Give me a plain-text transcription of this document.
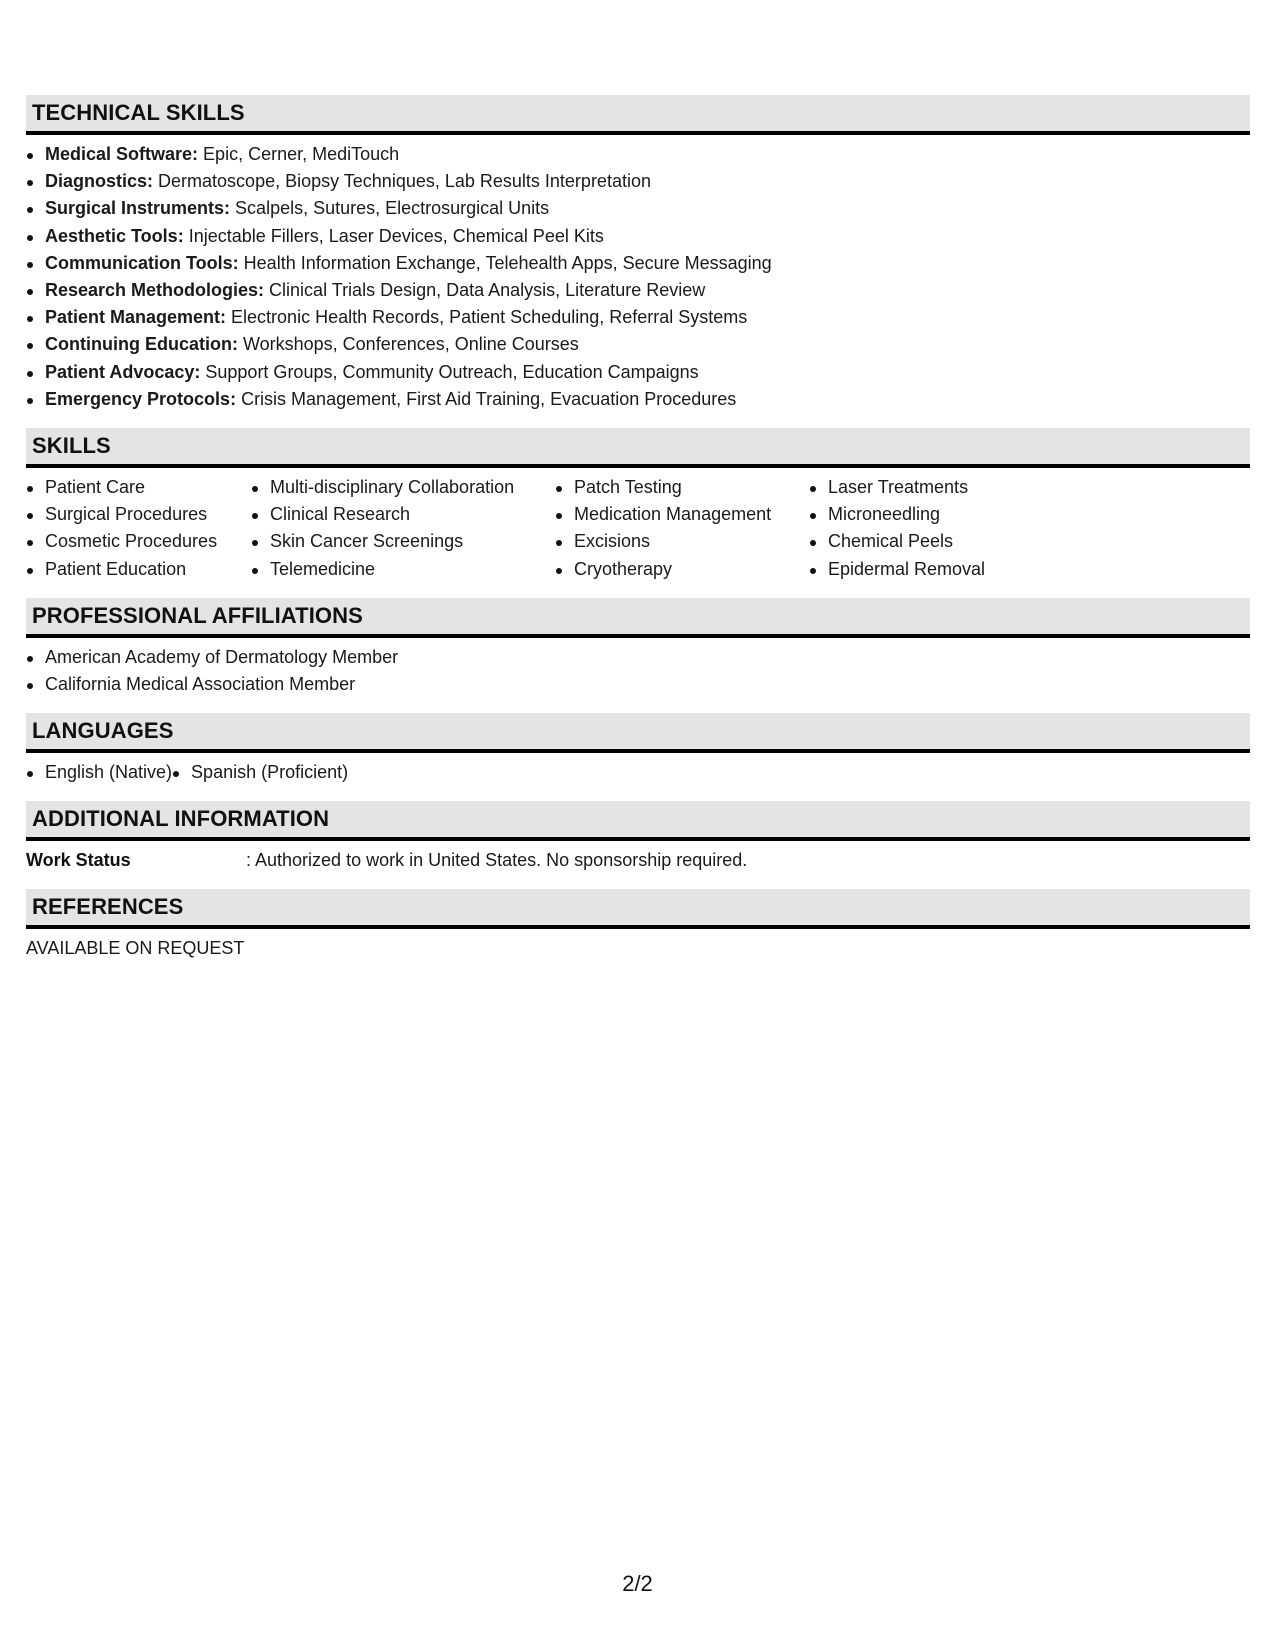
TECHNICAL SKILLS
Medical Software: Epic, Cerner, MediTouch
Diagnostics: Dermatoscope, Biopsy Techniques, Lab Results Interpretation
Surgical Instruments: Scalpels, Sutures, Electrosurgical Units
Aesthetic Tools: Injectable Fillers, Laser Devices, Chemical Peel Kits
Communication Tools: Health Information Exchange, Telehealth Apps, Secure Messaging
Research Methodologies: Clinical Trials Design, Data Analysis, Literature Review
Patient Management: Electronic Health Records, Patient Scheduling, Referral Systems
Continuing Education: Workshops, Conferences, Online Courses
Patient Advocacy: Support Groups, Community Outreach, Education Campaigns
Emergency Protocols: Crisis Management, First Aid Training, Evacuation Procedures
SKILLS
Patient Care
Surgical Procedures
Cosmetic Procedures
Patient Education
Multi-disciplinary Collaboration
Clinical Research
Skin Cancer Screenings
Telemedicine
Patch Testing
Medication Management
Excisions
Cryotherapy
Laser Treatments
Microneedling
Chemical Peels
Epidermal Removal
PROFESSIONAL AFFILIATIONS
American Academy of Dermatology Member
California Medical Association Member
LANGUAGES
English (Native)	Spanish (Proficient)
ADDITIONAL INFORMATION
Work Status	: Authorized to work in United States. No sponsorship required.
REFERENCES
AVAILABLE ON REQUEST
2/2
